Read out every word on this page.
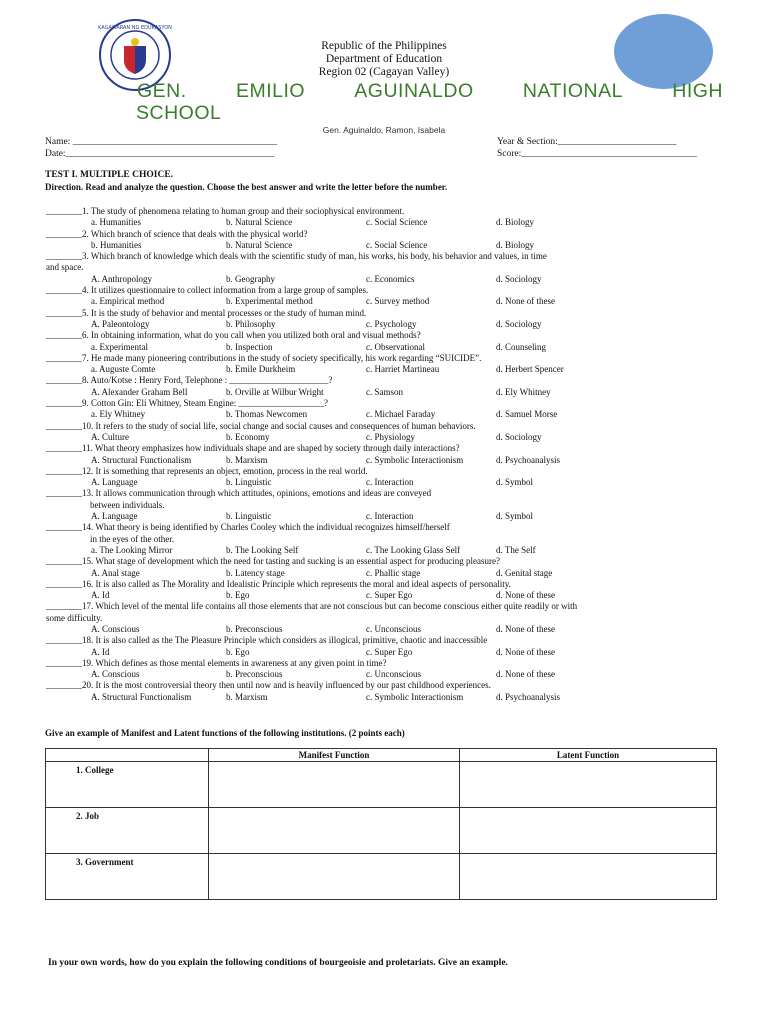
KAGAWARAN NG EDUKASYON
Republic of the Philippines
Department of Education
Region 02 (Cagayan Valley)
GEN.	EMILIO	AGUINALDO	NATIONAL	HIGH
SCHOOL
Gen. Aguinaldo, Ramon, Isabela
Name: ___________________________________________
Date:____________________________________________
Year & Section:_________________________
Score:_____________________________________
TEST I. MULTIPLE CHOICE.
Direction. Read and analyze the question. Choose the best answer and write the letter before the number.
________1. The study of phenomena relating to human group and their sociophysical environment.
a. Humanities	b. Natural Science	c. Social Science	d. Biology
________2. Which branch of science that deals with the physical world?
b. Humanities	b. Natural Science	c. Social Science	d. Biology
________3. Which branch of knowledge which deals with the scientific study of man, his works, his body, his behavior and values, in time
and space.
A. Anthropology	b. Geography	c. Economics	d. Sociology
________4. It utilizes questionnaire to collect information from a large group of samples.
a. Empirical method	b. Experimental method	c. Survey method	d. None of these
________5. It is the study of behavior and mental processes or the study of human mind.
A. Paleontology	b. Philosophy	c. Psychology	d. Sociology
________6. In obtaining information, what do you call when you utilized both oral and visual methods?
a. Experimental	b. Inspection	c. Observational	d. Counseling
________7. He made many pioneering contributions in the study of society specifically, his work regarding “SUICIDE”.
a. Auguste Comte	b. Emile Durkheim	c. Harriet Martineau	d. Herbert Spencer
________8. Auto/Kotse : Henry Ford, Telephone : ______________________?
A. Alexander Graham Bell	b. Orville at Wilbur Wright	c. Samson	d. Ely Whitney
________9. Cotton Gin: Eli Whitney, Steam Engine: ___________________?
a. Ely Whitney	b. Thomas Newcomen	c. Michael Faraday	d. Samuel Morse
________10. It refers to the study of social life, social change and social causes and consequences of human behaviors.
A. Culture	b. Economy	c. Physiology	d. Sociology
________11. What theory emphasizes how individuals shape and are shaped by society through daily interactions?
A. Structural Functionalism	b. Marxism	c. Symbolic Interactionism	d. Psychoanalysis
________12. It is something that represents an object, emotion, process in the real world.
A. Language	b. Linguistic	c. Interaction	d. Symbol
________13. It allows communication through which attitudes, opinions, emotions and ideas are conveyed
between individuals.
A. Language	b. Linguistic	c. Interaction	d. Symbol
________14. What theory is being identified by Charles Cooley which the individual recognizes himself/herself
in the eyes of the other.
a. The Looking Mirror	b. The Looking Self	c. The Looking Glass Self	d. The Self
________15. What stage of development which the need for tasting and sucking is an essential aspect for producing pleasure?
A. Anal stage	b. Latency stage	c. Phallic stage	d. Genital stage
________16. It is also called as The Morality and Idealistic Principle which represents the moral and ideal aspects of personality.
A. Id	b. Ego	c. Super Ego	d. None of these
________17. Which level of the mental life contains all those elements that are not conscious but can become conscious either quite readily or with
some difficulty.
A. Conscious	b. Preconscious	c. Unconscious	d. None of these
________18. It is also called as the The Pleasure Principle which considers as illogical, primitive, chaotic and inaccessible
A. Id	b. Ego	c. Super Ego	d. None of these
________19. Which defines as those mental elements in awareness at any given point in time?
A. Conscious	b. Preconscious	c. Unconscious	d. None of these
________20. It is the most controversial theory then until now and is heavily influenced by our past childhood experiences.
A. Structural Functionalism	b. Marxism	c. Symbolic Interactionism	d. Psychoanalysis
Give an example of Manifest and Latent functions of the following institutions. (2 points each)
	Manifest Function	Latent Function
1. College		
2. Job		
3. Government		
In your own words, how do you explain the following conditions of bourgeoisie and proletariats. Give an example.
